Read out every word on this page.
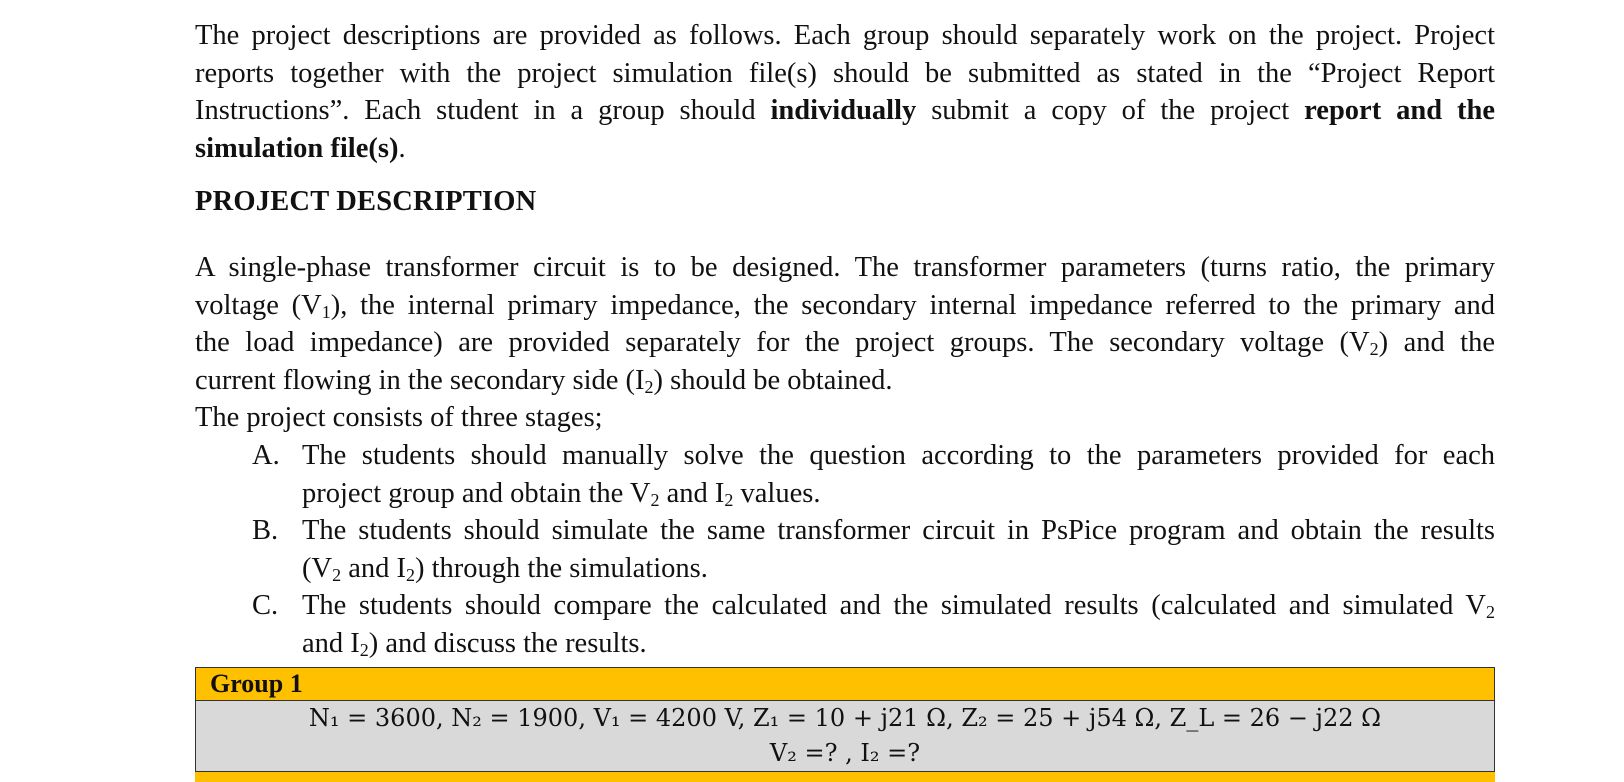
The project descriptions are provided as follows. Each group should separately work on the project. Project
reports together with the project simulation file(s) should be submitted as stated in the “Project Report
Instructions”. Each student in a group should individually submit a copy of the project report and the
simulation file(s).
PROJECT DESCRIPTION
A single-phase transformer circuit is to be designed. The transformer parameters (turns ratio, the primary
voltage $(V_1)$, the internal primary impedance, the secondary internal impedance referred to the primary and
the load impedance) are provided separately for the project groups. The secondary voltage $(V_2)$ and the
current flowing in the secondary side $(I_2)$ should be obtained.
The project consists of three stages;
A. The students should manually solve the question according to the parameters provided for each
project group and obtain the $V_2$ and $I_2$ values.
B. The students should simulate the same transformer circuit in PsPice program and obtain the results
($V_2$ and $I_2$) through the simulations.
C. The students should compare the calculated and the simulated results (calculated and simulated $V_2$
and $I_2$) and discuss the results.
Group 1
N₁ = 3600, N₂ = 1900, V₁ = 4200 V, Z₁ = 10 + j21 Ω, Z₂ = 25 + j54 Ω, Z_L = 26 − j22 Ω
V₂ =? , I₂ =?
